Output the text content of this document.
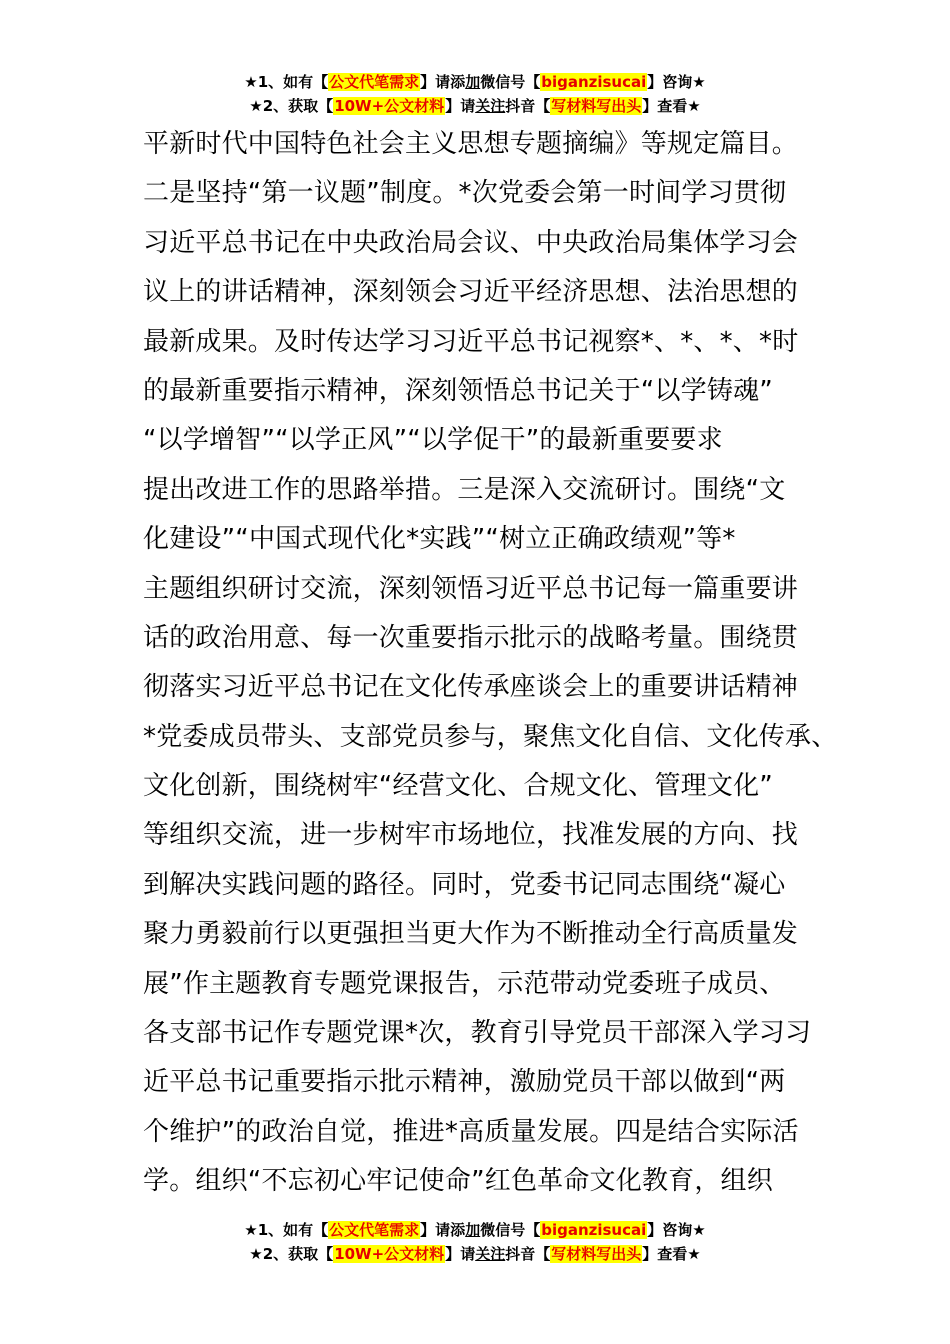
★1、如有【公文代笔需求】请添加微信号【biganzisucai】咨询★
★2、获取【10W+公文材料】请关注抖音【写材料写出头】查看★
平新时代中国特色社会主义思想专题摘编》等规定篇目。
二是坚持“第一议题”制度。*次党委会第一时间学习贯彻
习近平总书记在中央政治局会议、中央政治局集体学习会
议上的讲话精神，深刻领会习近平经济思想、法治思想的
最新成果。及时传达学习习近平总书记视察*、*、*、*时
的最新重要指示精神，深刻领悟总书记关于“以学铸魂”
“以学增智”“以学正风”“以学促干”的最新重要要求
提出改进工作的思路举措。三是深入交流研讨。围绕“文
化建设”“中国式现代化*实践”“树立正确政绩观”等*
主题组织研讨交流，深刻领悟习近平总书记每一篇重要讲
话的政治用意、每一次重要指示批示的战略考量。围绕贯
彻落实习近平总书记在文化传承座谈会上的重要讲话精神
*党委成员带头、支部党员参与，聚焦文化自信、文化传承、
文化创新，围绕树牢“经营文化、合规文化、管理文化”
等组织交流，进一步树牢市场地位，找准发展的方向、找
到解决实践问题的路径。同时，党委书记同志围绕“凝心
聚力勇毅前行以更强担当更大作为不断推动全行高质量发
展”作主题教育专题党课报告，示范带动党委班子成员、
各支部书记作专题党课*次，教育引导党员干部深入学习习
近平总书记重要指示批示精神，激励党员干部以做到“两
个维护”的政治自觉，推进*高质量发展。四是结合实际活
学。组织“不忘初心牢记使命”红色革命文化教育，组织
★1、如有【公文代笔需求】请添加微信号【biganzisucai】咨询★
★2、获取【10W+公文材料】请关注抖音【写材料写出头】查看★
